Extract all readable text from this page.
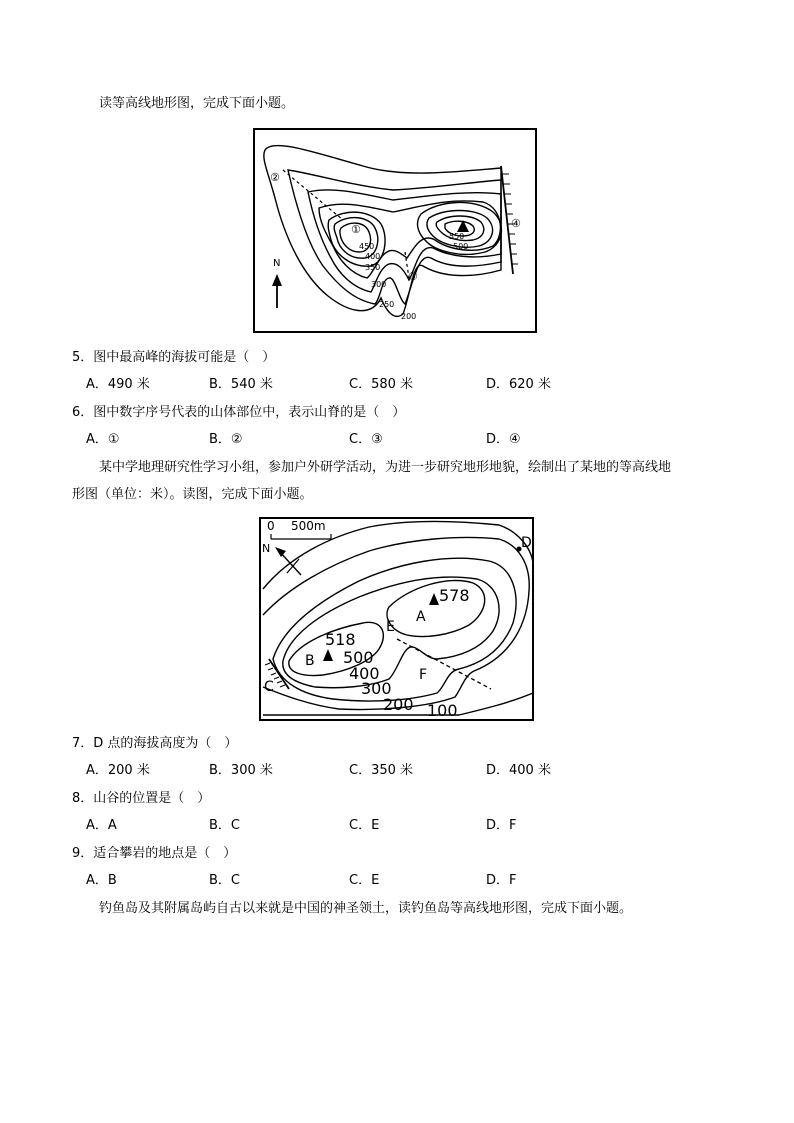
读等高线地形图，完成下面小题。
450
400
350
300
250
200
550
500
N
①
②
③
④
5．图中最高峰的海拔可能是（　）
A．490 米	B．540 米	C．580 米	D．620 米
6．图中数字序号代表的山体部位中，表示山脊的是（　）
A．①	B．②	C．③	D．④
某中学地理研究性学习小组，参加户外研学活动，为进一步研究地形地貌，绘制出了某地的等高线地
形图（单位：米）。读图，完成下面小题。
0 500m
N
578
518
A
B
C
D
E
F
500
400
300
200 100
7．D 点的海拔高度为（　）
A．200 米	B．300 米	C．350 米	D．400 米
8．山谷的位置是（　）
A．A	B．C	C．E	D．F
9．适合攀岩的地点是（　）
A．B	B．C	C．E	D．F
钓鱼岛及其附属岛屿自古以来就是中国的神圣领土，读钓鱼岛等高线地形图，完成下面小题。
